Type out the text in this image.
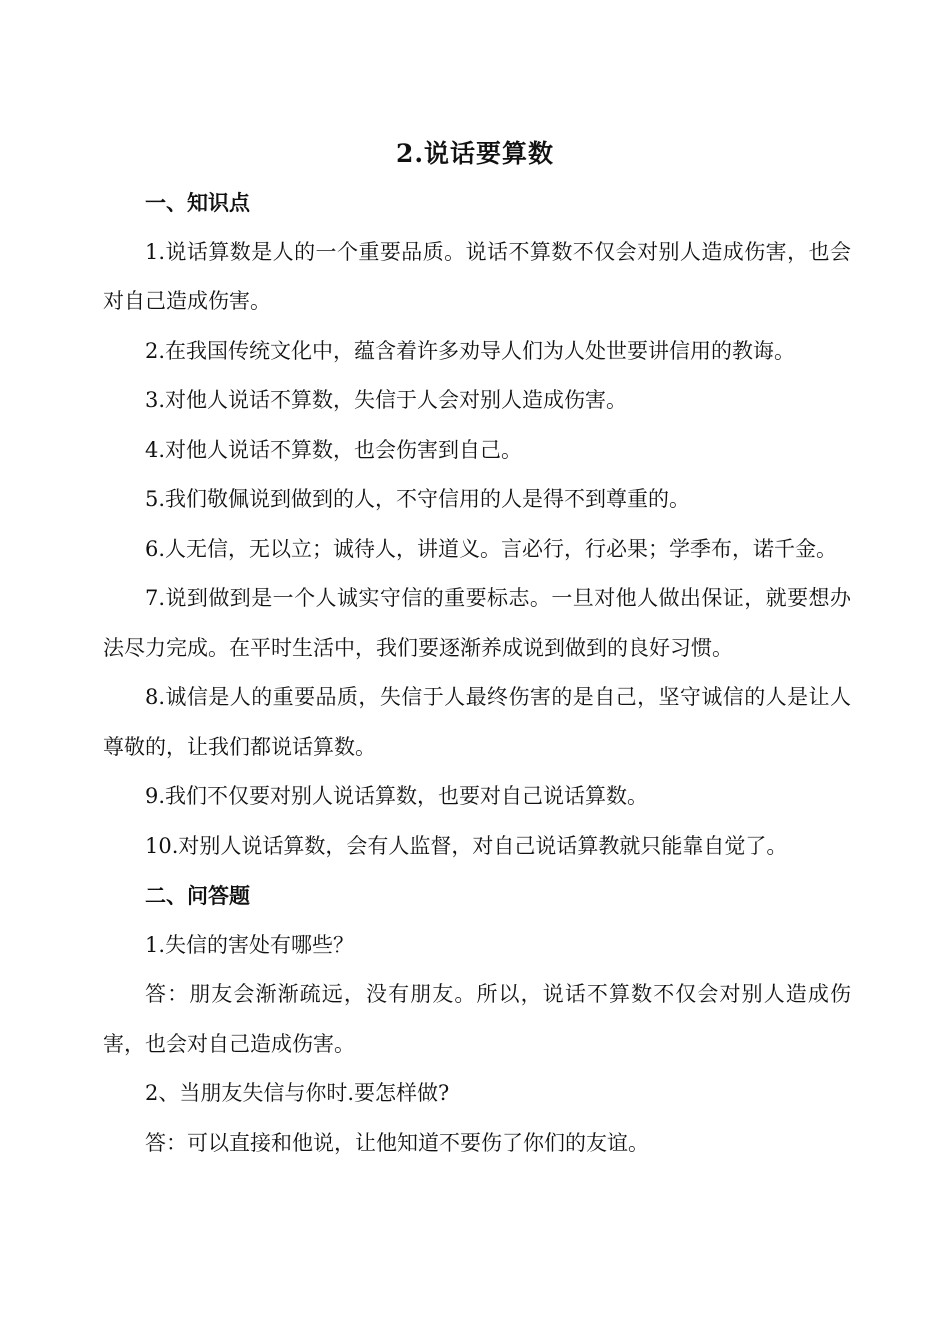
2.说话要算数
一、知识点

1.说话算数是人的一个重要品质。说话不算数不仅会对别人造成伤害，也会对自己造成伤害。

2.在我国传统文化中，蕴含着许多劝导人们为人处世要讲信用的教诲。

3.对他人说话不算数，失信于人会对别人造成伤害。

4.对他人说话不算数，也会伤害到自己。

5.我们敬佩说到做到的人，不守信用的人是得不到尊重的。

6.人无信，无以立；诚待人，讲道义。言必行，行必果；学季布，诺千金。

7.说到做到是一个人诚实守信的重要标志。一旦对他人做出保证，就要想办法尽力完成。在平时生活中，我们要逐渐养成说到做到的良好习惯。

8.诚信是人的重要品质，失信于人最终伤害的是自己，坚守诚信的人是让人尊敬的，让我们都说话算数。

9.我们不仅要对别人说话算数，也要对自己说话算数。

10.对别人说话算数，会有人监督，对自己说话算教就只能靠自觉了。

二、问答题

1.失信的害处有哪些？

答：朋友会渐渐疏远，没有朋友。所以，说话不算数不仅会对别人造成伤害，也会对自己造成伤害。

2、当朋友失信与你时.要怎样做?

答：可以直接和他说，让他知道不要伤了你们的友谊。
